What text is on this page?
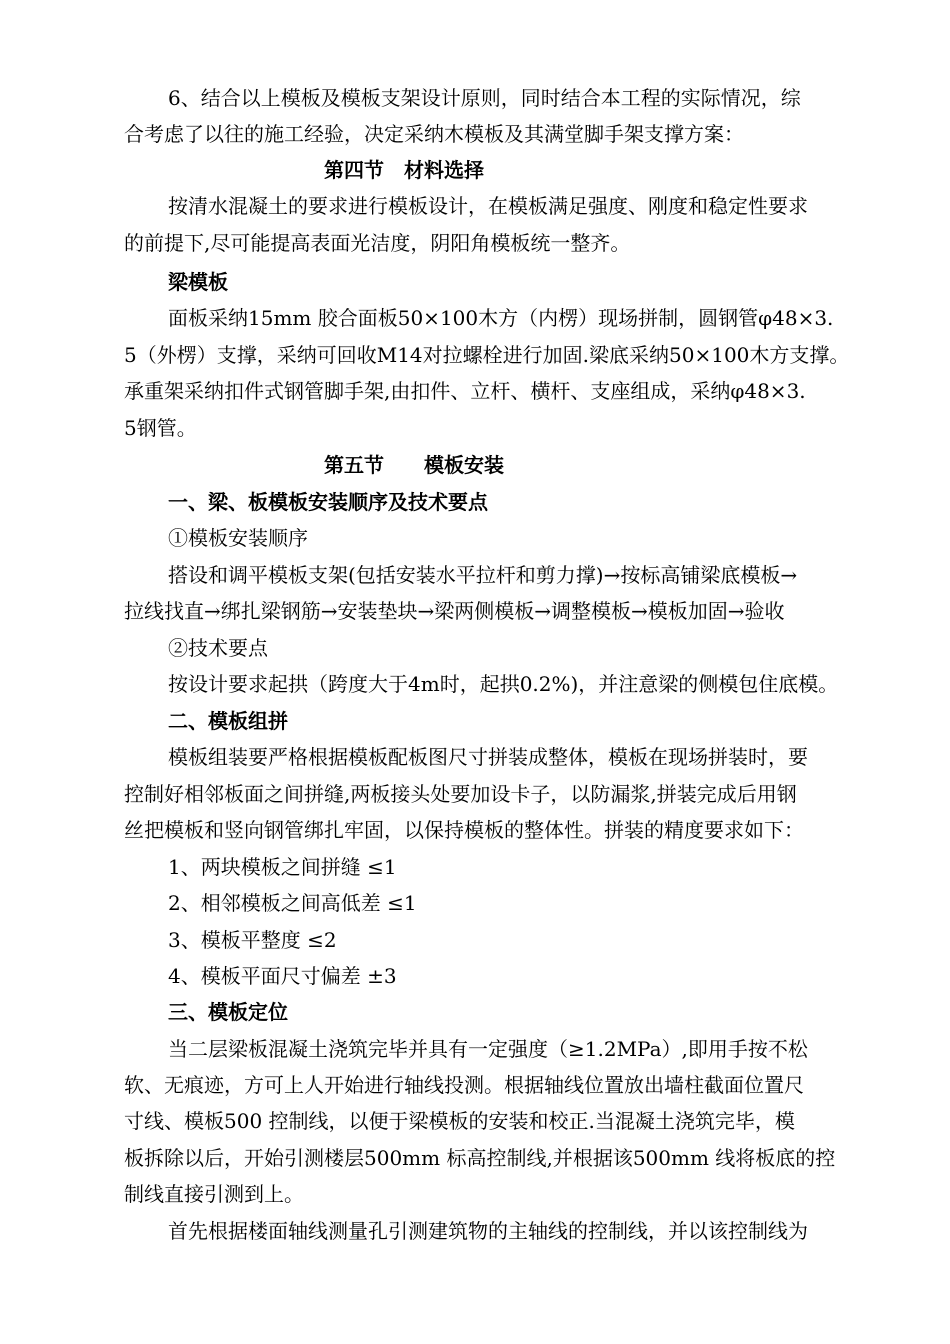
6、结合以上模板及模板支架设计原则，同时结合本工程的实际情况，综
合考虑了以往的施工经验，决定采纳木模板及其满堂脚手架支撑方案：
第四节　材料选择
按清水混凝土的要求进行模板设计，在模板满足强度、刚度和稳定性要求
的前提下,尽可能提高表面光洁度，阴阳角模板统一整齐。
梁模板
面板采纳15mm 胶合面板50×100木方（内楞）现场拼制，圆钢管φ48×3.
5（外楞）支撑，采纳可回收M14对拉螺栓进行加固.梁底采纳50×100木方支撑。
承重架采纳扣件式钢管脚手架,由扣件、立杆、横杆、支座组成，采纳φ48×3.
5钢管。
第五节　　模板安装
一、梁、板模板安装顺序及技术要点
①模板安装顺序
搭设和调平模板支架(包括安装水平拉杆和剪力撑)→按标高铺梁底模板→
拉线找直→绑扎梁钢筋→安装垫块→梁两侧模板→调整模板→模板加固→验收
②技术要点
按设计要求起拱（跨度大于4m时，起拱0.2%)，并注意梁的侧模包住底模。
二、模板组拼
模板组装要严格根据模板配板图尺寸拼装成整体，模板在现场拼装时，要
控制好相邻板面之间拼缝,两板接头处要加设卡子，以防漏浆,拼装完成后用钢
丝把模板和竖向钢管绑扎牢固，以保持模板的整体性。拼装的精度要求如下：
1、两块模板之间拼缝 ≤1
2、相邻模板之间高低差 ≤1
3、模板平整度 ≤2
4、模板平面尺寸偏差 ±3
三、模板定位
当二层梁板混凝土浇筑完毕并具有一定强度（≥1.2MPa）,即用手按不松
软、无痕迹，方可上人开始进行轴线投测。根据轴线位置放出墙柱截面位置尺
寸线、模板500 控制线，以便于梁模板的安装和校正.当混凝土浇筑完毕，模
板拆除以后，开始引测楼层500mm 标高控制线,并根据该500mm 线将板底的控
制线直接引测到上。
首先根据楼面轴线测量孔引测建筑物的主轴线的控制线，并以该控制线为
